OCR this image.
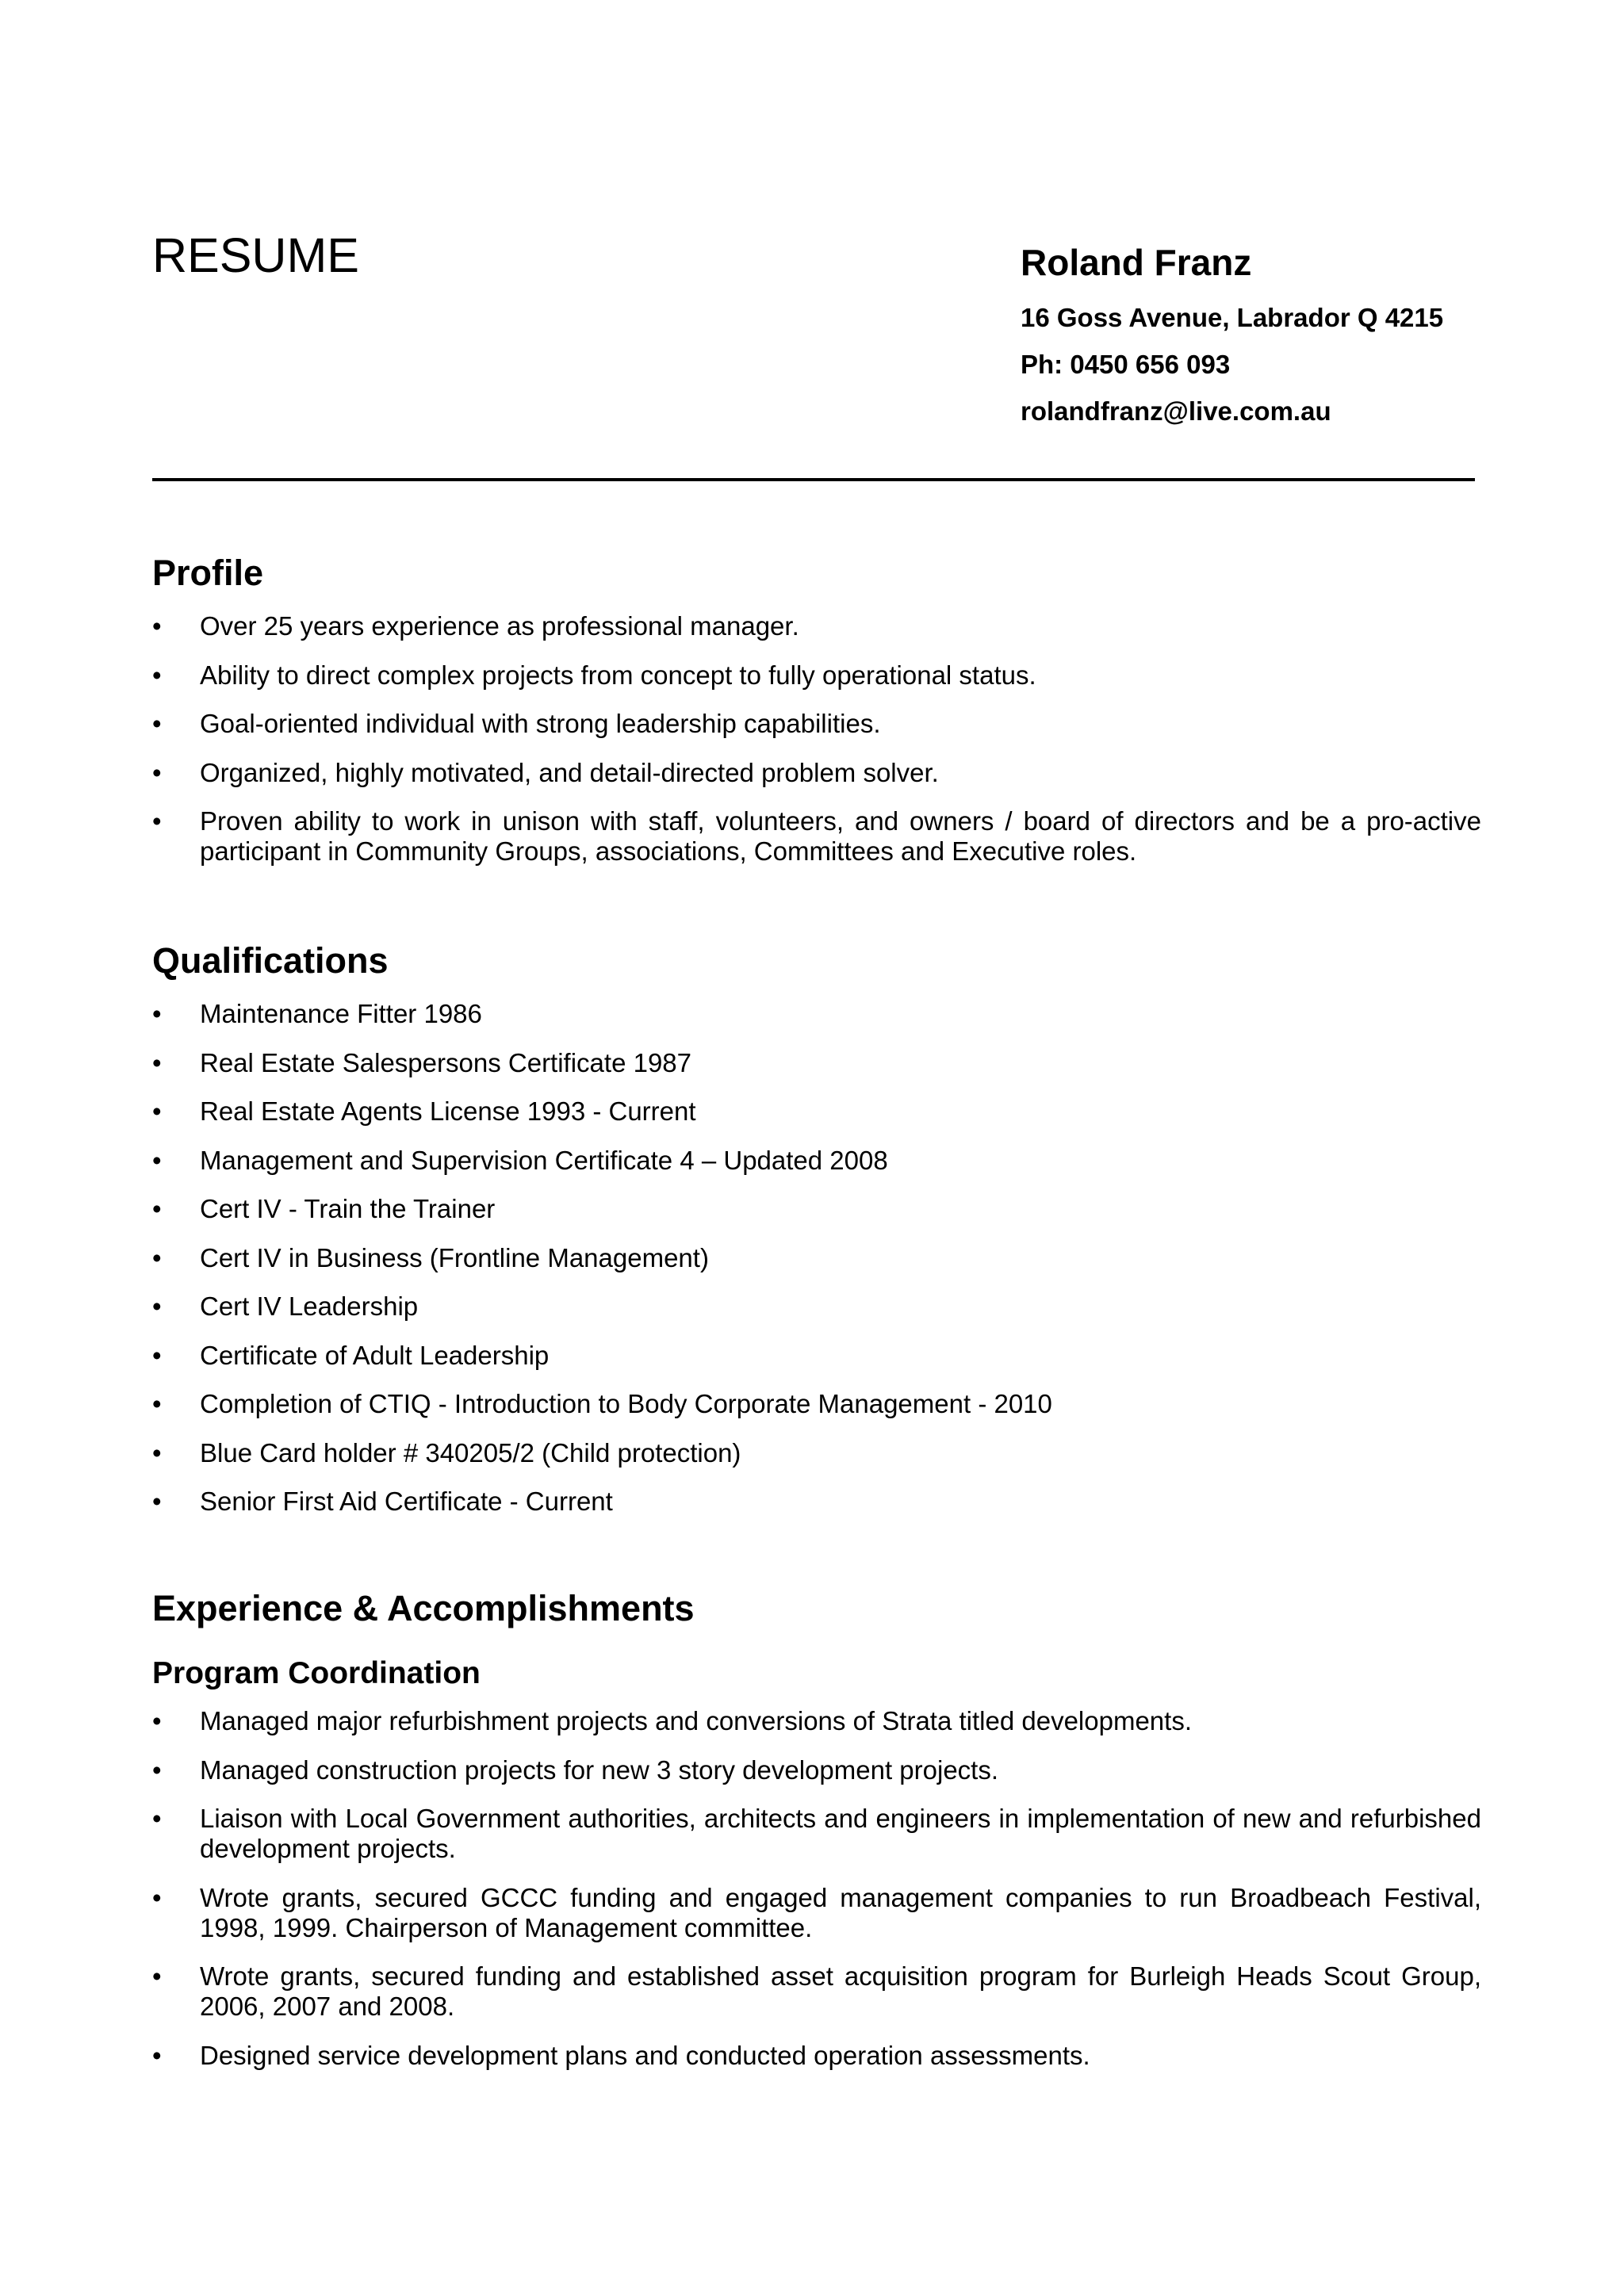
RESUME	Roland Franz
16 Goss Avenue, Labrador Q 4215
Ph: 0450 656 093
rolandfranz@live.com.au
Profile
• Over 25 years experience as professional manager.
• Ability to direct complex projects from concept to fully operational status.
• Goal-oriented individual with strong leadership capabilities.
• Organized, highly motivated, and detail-directed problem solver.
• Proven ability to work in unison with staff, volunteers, and owners / board of directors and be a pro-active participant in Community Groups, associations, Committees and Executive roles.
Qualifications
• Maintenance Fitter 1986
• Real Estate Salespersons Certificate 1987
• Real Estate Agents License 1993 - Current
• Management and Supervision Certificate 4 – Updated 2008
• Cert IV - Train the Trainer
• Cert IV in Business (Frontline Management)
• Cert IV Leadership
• Certificate of Adult Leadership
• Completion of CTIQ - Introduction to Body Corporate Management - 2010
• Blue Card holder # 340205/2 (Child protection)
• Senior First Aid Certificate - Current
Experience & Accomplishments
Program Coordination
• Managed major refurbishment projects and conversions of Strata titled developments.
• Managed construction projects for new 3 story development projects.
• Liaison with Local Government authorities, architects and engineers in implementation of new and refurbished development projects.
• Wrote grants, secured GCCC funding and engaged management companies to run Broadbeach Festival, 1998, 1999. Chairperson of Management committee.
• Wrote grants, secured funding and established asset acquisition program for Burleigh Heads Scout Group, 2006, 2007 and 2008.
• Designed service development plans and conducted operation assessments.
